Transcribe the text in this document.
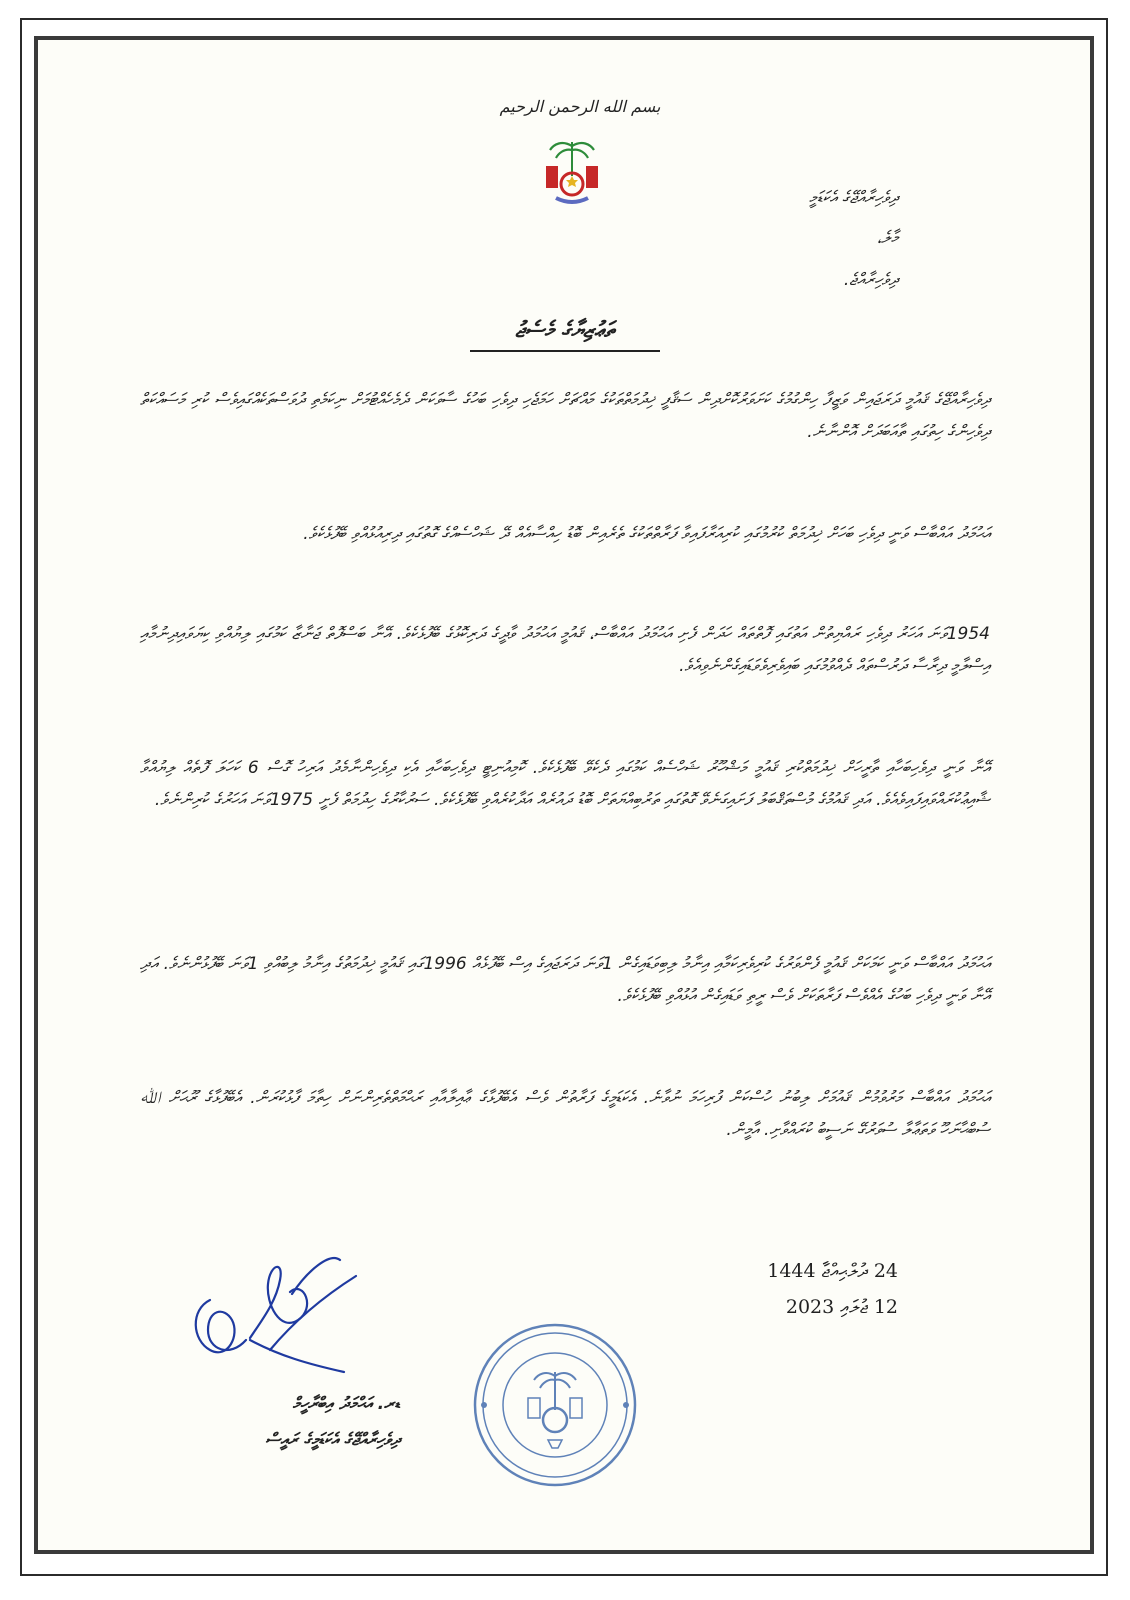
بسم الله الرحمن الرحيم
ދިވެހިރާއްޖޭގެ އެކަޑަމީ
މާލެ،
ދިވެހިރާއްޖެ.
ތަޢުޒިޔާގެ މެސެޖު
ދިވެހިރާއްޖޭގެ ޤައުމީ ދަރަޖައިން ވަޒީފާ ހިންގުމުގެ ކަށަވަރުކޮށްދިން ސަޤާފީ ޚިދުމަތްތަކުގެ މައްޗަށް ހަމަޖެހި ދިވެހި ބަހުގެ ސާވަކަން ދެމެހެއްޓުމަށް ނިކަމެތި ދުވަސްތަކެއްގައިވެސް ކުރި މަސައްކަތް ދިވެހިންގެ ހިތުގައި ތާއަބަދަށް އޮންނާނެ.
އަޙުމަދު އައްބާސް ވަނީ ދިވެހި ބަހަށް ޚިދުމަތް ކުރުމުގައި ކުރިއަރާފައިވާ ފަރާތްތަކުގެ ތެރެއިން ބޮޑު ހިއްސާއެއް ދޭ ޝަހްސެއްގެ ގޮތުގައި ދިރިއުޅުއްވި ބޭފުޅެކެވެ.
1954ވަނަ އަހަރު ދިވެހި ރައްޔިތުން އަތުގައި ފޮތްތައް ހަދަން ފެށި އަޙުމަދު އައްބާސް، ޤައުމީ އަޙުމަދު ވާދީގެ ދަރިކޮޅުގެ ބޭފުޅެކެވެ. އޭނާ ބަސްފޮތް ޖަނާޒާ ކަމުގައި ލިޔުއްވި ކިޔަވައިދިނުމާއި އިސްލާމީ ދިރާސާ ދަރުސްތައް ދެއްވުމުގައި ބައިވެރިވެވަޑައިގެންނެވިއެވެ.
އޭނާ ވަނީ ދިވެހިބަހާއި ތާރީހަށް ޚިދުމަތްކުރި ޤައުމީ މަޝްހޫރު ޝަހްސެއް ކަމުގައި ދެކެވޭ ބޭފުޅެކެވެ. ކޮމިއުނިޓީ ދިވެހިބަހާއި އެކި ދިވެހިންނާމެދު އަރިހު ގޮސް 6 ކަހަލަ ފޮތެއް ލިޔުއްވާ ޝާއިޢުކުރައްވައިފައިވެއެވެ. އަދި ޤައުމުގެ މުސްތަޤްބަލު ފަށައިގަނެވޭ ގޮތުގައި ތަރުބިއްޔަތަށް ބޮޑު ދައުރެއް އަދާކުރެއްވި ބޭފުޅެކެވެ. ސަރުކާރުގެ ހިދުމަތް ފެށީ 1975ވަނަ އަހަރުގެ ކުރިންނެވެ.
އަޙުމަދު އައްބާސް ވަނީ ކަމަކަށް ޤައުމީ ފެންވަރުގެ ކުރިވެރިކަމާއި އިނާމު ލިބިވަޑައިގެން 1ވަނަ ދަރަޖައިގެ އިސް ބޭފުޅެއް 1996ގައި ޤައުމީ ޚިދުމަތުގެ އިނާމު ލިބުއްވި 1ވަނަ ބޭފުޅުންނެވެ. އަދި އޭނާ ވަނީ ދިވެހި ބަހުގެ އެއްވެސް ފަރާތަކަށް ވެސް ރީތި ވަޑައިގެން އުޅުއްވި ބޭފުޅެކެވެ.
އަޙުމަދު އައްބާސް މަރުވުމުން ޤައުމަށް ލިބުނު ހުސްކަން ފުރިހަމަ ނުވާނެ. އެކަޑަމީގެ ފަރާތުން ވެސް އެބޭފުޅާގެ ޢާއިލާއާއި ރަޙްމަތްތެރިންނަށް ހިތާމަ ފާޅުކުރަން. އެބޭފުޅާގެ ރޫޙަށް ﷲ ސުބްޙާނަހޫ ވަތަޢާލާ ސުވަރުގޭ ނަސީބު ކުރައްވާށި. އާމީން.
24 ދުލްޙިއްޖާ 1444
12 ޖުލައި 2023
ޑރ. އަޙްމަދު އިބްރާހީމް
ދިވެހިރާއްޖޭގެ އެކަޑަމީގެ ރައީސް
